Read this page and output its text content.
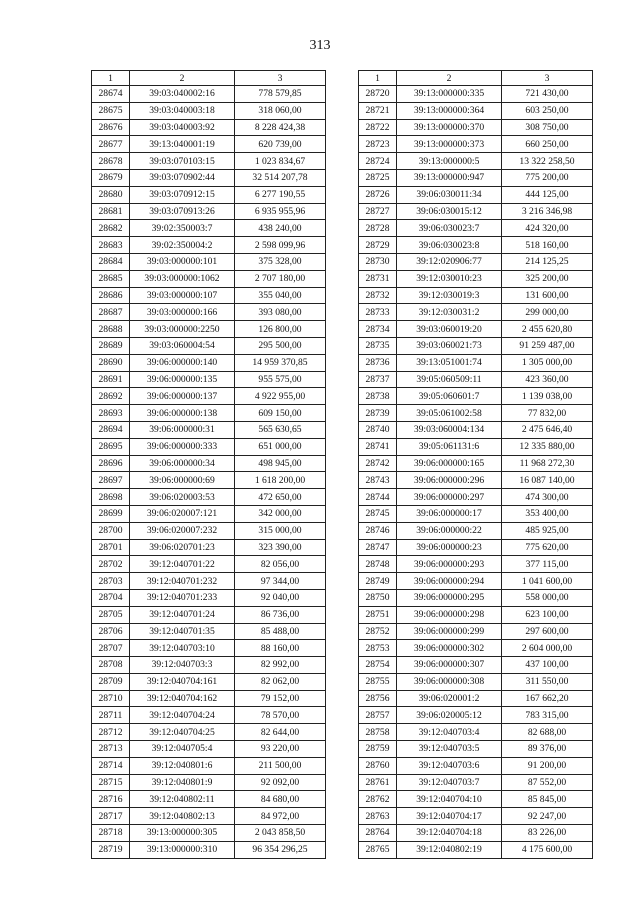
313
1	2	3
28674	39:03:040002:16	778 579,85
28675	39:03:040003:18	318 060,00
28676	39:03:040003:92	8 228 424,38
28677	39:13:040001:19	620 739,00
28678	39:03:070103:15	1 023 834,67
28679	39:03:070902:44	32 514 207,78
28680	39:03:070912:15	6 277 190,55
28681	39:03:070913:26	6 935 955,96
28682	39:02:350003:7	438 240,00
28683	39:02:350004:2	2 598 099,96
28684	39:03:000000:101	375 328,00
28685	39:03:000000:1062	2 707 180,00
28686	39:03:000000:107	355 040,00
28687	39:03:000000:166	393 080,00
28688	39:03:000000:2250	126 800,00
28689	39:03:060004:54	295 500,00
28690	39:06:000000:140	14 959 370,85
28691	39:06:000000:135	955 575,00
28692	39:06:000000:137	4 922 955,00
28693	39:06:000000:138	609 150,00
28694	39:06:000000:31	565 630,65
28695	39:06:000000:333	651 000,00
28696	39:06:000000:34	498 945,00
28697	39:06:000000:69	1 618 200,00
28698	39:06:020003:53	472 650,00
28699	39:06:020007:121	342 000,00
28700	39:06:020007:232	315 000,00
28701	39:06:020701:23	323 390,00
28702	39:12:040701:22	82 056,00
28703	39:12:040701:232	97 344,00
28704	39:12:040701:233	92 040,00
28705	39:12:040701:24	86 736,00
28706	39:12:040701:35	85 488,00
28707	39:12:040703:10	88 160,00
28708	39:12:040703:3	82 992,00
28709	39:12:040704:161	82 062,00
28710	39:12:040704:162	79 152,00
28711	39:12:040704:24	78 570,00
28712	39:12:040704:25	82 644,00
28713	39:12:040705:4	93 220,00
28714	39:12:040801:6	211 500,00
28715	39:12:040801:9	92 092,00
28716	39:12:040802:11	84 680,00
28717	39:12:040802:13	84 972,00
28718	39:13:000000:305	2 043 858,50
28719	39:13:000000:310	96 354 296,25
1	2	3
28720	39:13:000000:335	721 430,00
28721	39:13:000000:364	603 250,00
28722	39:13:000000:370	308 750,00
28723	39:13:000000:373	660 250,00
28724	39:13:000000:5	13 322 258,50
28725	39:13:000000:947	775 200,00
28726	39:06:030011:34	444 125,00
28727	39:06:030015:12	3 216 346,98
28728	39:06:030023:7	424 320,00
28729	39:06:030023:8	518 160,00
28730	39:12:020906:77	214 125,25
28731	39:12:030010:23	325 200,00
28732	39:12:030019:3	131 600,00
28733	39:12:030031:2	299 000,00
28734	39:03:060019:20	2 455 620,80
28735	39:03:060021:73	91 259 487,00
28736	39:13:051001:74	1 305 000,00
28737	39:05:060509:11	423 360,00
28738	39:05:060601:7	1 139 038,00
28739	39:05:061002:58	77 832,00
28740	39:03:060004:134	2 475 646,40
28741	39:05:061131:6	12 335 880,00
28742	39:06:000000:165	11 968 272,30
28743	39:06:000000:296	16 087 140,00
28744	39:06:000000:297	474 300,00
28745	39:06:000000:17	353 400,00
28746	39:06:000000:22	485 925,00
28747	39:06:000000:23	775 620,00
28748	39:06:000000:293	377 115,00
28749	39:06:000000:294	1 041 600,00
28750	39:06:000000:295	558 000,00
28751	39:06:000000:298	623 100,00
28752	39:06:000000:299	297 600,00
28753	39:06:000000:302	2 604 000,00
28754	39:06:000000:307	437 100,00
28755	39:06:000000:308	311 550,00
28756	39:06:020001:2	167 662,20
28757	39:06:020005:12	783 315,00
28758	39:12:040703:4	82 688,00
28759	39:12:040703:5	89 376,00
28760	39:12:040703:6	91 200,00
28761	39:12:040703:7	87 552,00
28762	39:12:040704:10	85 845,00
28763	39:12:040704:17	92 247,00
28764	39:12:040704:18	83 226,00
28765	39:12:040802:19	4 175 600,00
